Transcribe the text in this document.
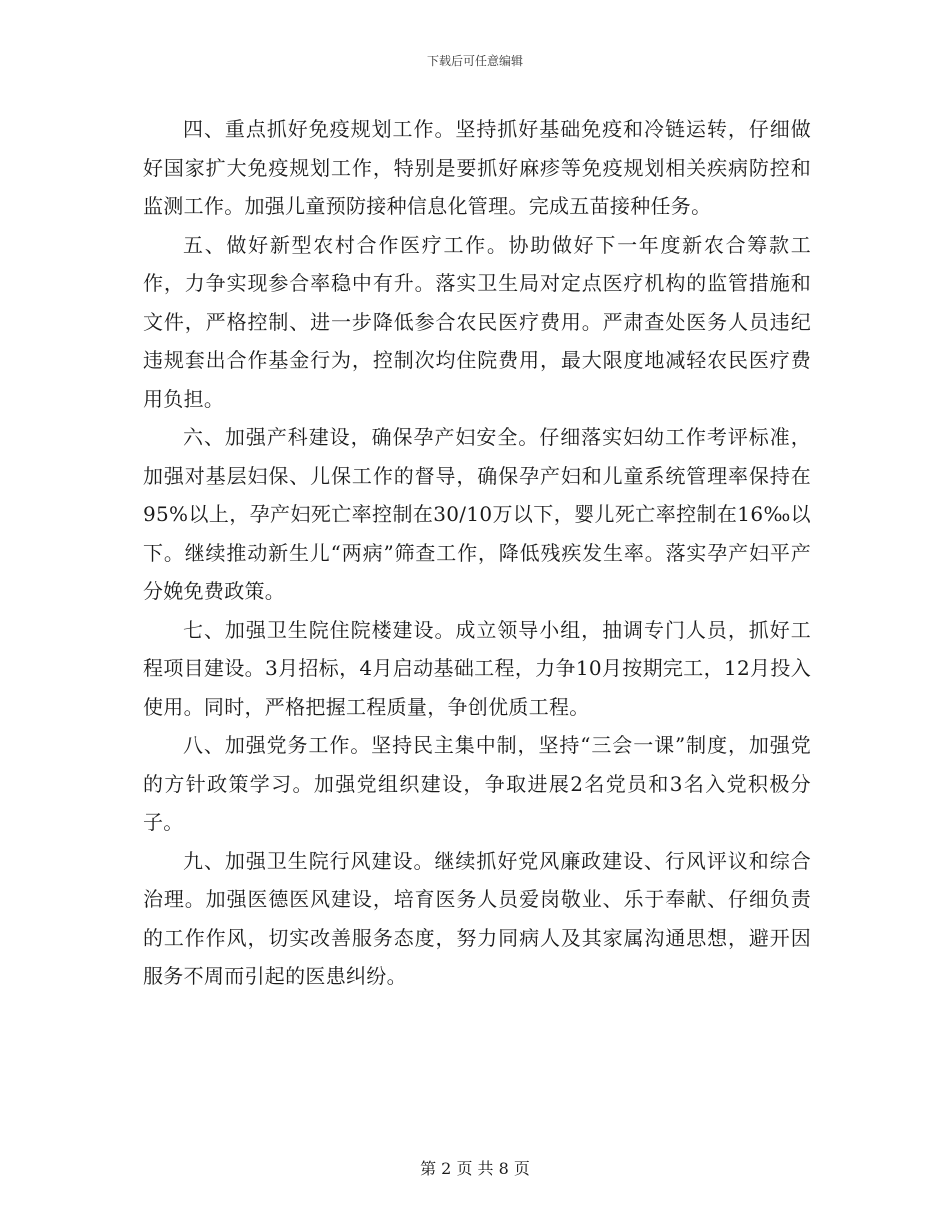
下载后可任意编辑

四、重点抓好免疫规划工作。坚持抓好基础免疫和冷链运转，仔细做好国家扩大免疫规划工作，特别是要抓好麻疹等免疫规划相关疾病防控和监测工作。加强儿童预防接种信息化管理。完成五苗接种任务。

五、做好新型农村合作医疗工作。协助做好下一年度新农合筹款工作，力争实现参合率稳中有升。落实卫生局对定点医疗机构的监管措施和文件，严格控制、进一步降低参合农民医疗费用。严肃查处医务人员违纪违规套出合作基金行为，控制次均住院费用，最大限度地减轻农民医疗费用负担。

六、加强产科建设，确保孕产妇安全。仔细落实妇幼工作考评标准，加强对基层妇保、儿保工作的督导，确保孕产妇和儿童系统管理率保持在95%以上，孕产妇死亡率控制在30/10万以下，婴儿死亡率控制在16‰以下。继续推动新生儿“两病”筛查工作，降低残疾发生率。落实孕产妇平产分娩免费政策。

七、加强卫生院住院楼建设。成立领导小组，抽调专门人员，抓好工程项目建设。3月招标，4月启动基础工程，力争10月按期完工，12月投入使用。同时，严格把握工程质量，争创优质工程。

八、加强党务工作。坚持民主集中制，坚持“三会一课”制度，加强党的方针政策学习。加强党组织建设，争取进展2名党员和3名入党积极分子。

九、加强卫生院行风建设。继续抓好党风廉政建设、行风评议和综合治理。加强医德医风建设，培育医务人员爱岗敬业、乐于奉献、仔细负责的工作作风，切实改善服务态度，努力同病人及其家属沟通思想，避开因服务不周而引起的医患纠纷。

第 2 页 共 8 页
